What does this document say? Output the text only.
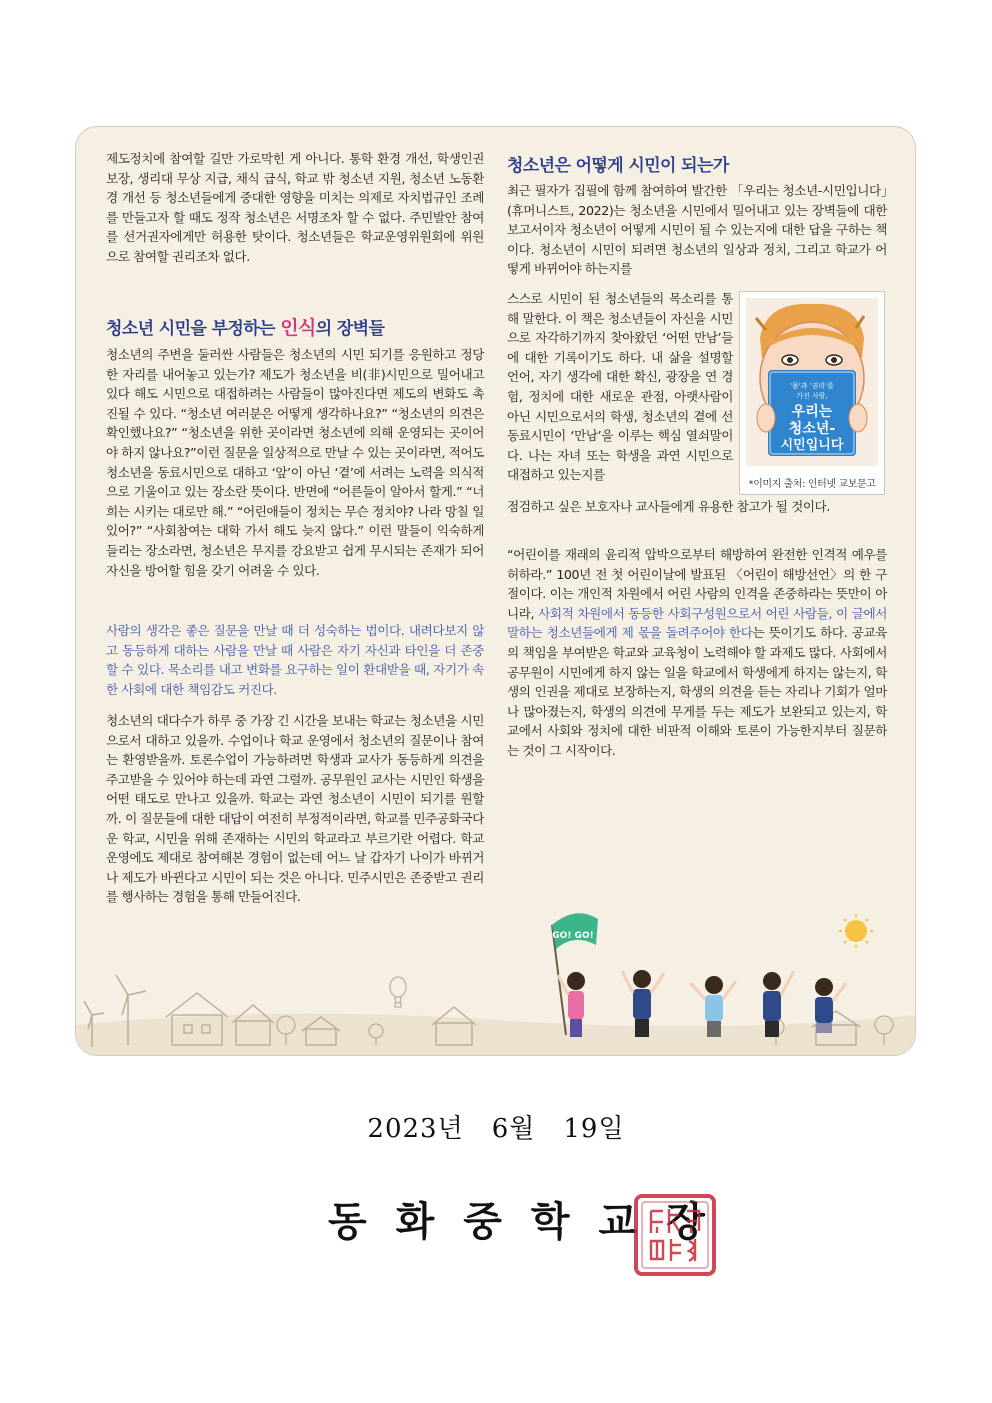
제도정치에 참여할 길만 가로막힌 게 아니다. 통학 환경 개선, 학생인권 보장, 생리대 무상 지급, 채식 급식, 학교 밖 청소년 지원, 청소년 노동환경 개선 등 청소년들에게 중대한 영향을 미치는 의제로 자치법규인 조례를 만들고자 할 때도 정작 청소년은 서명조차 할 수 없다. 주민발안 참여를 선거권자에게만 허용한 탓이다. 청소년들은 학교운영위원회에 위원으로 참여할 권리조차 없다.

청소년 시민을 부정하는 인식의 장벽들

청소년의 주변을 둘러싼 사람들은 청소년의 시민 되기를 응원하고 정당한 자리를 내어놓고 있는가? 제도가 청소년을 비(非)시민으로 밀어내고 있다 해도 시민으로 대접하려는 사람들이 많아진다면 제도의 변화도 촉진될 수 있다. “청소년 여러분은 어떻게 생각하나요?” “청소년의 의견은 확인했나요?” “청소년을 위한 곳이라면 청소년에 의해 운영되는 곳이어야 하지 않나요?”이런 질문을 일상적으로 만날 수 있는 곳이라면, 적어도 청소년을 동료시민으로 대하고 ‘앞’이 아닌 ‘곁’에 서려는 노력을 의식적으로 기울이고 있는 장소란 뜻이다. 반면에 “어른들이 알아서 할게.” “너희는 시키는 대로만 해.” “어린애들이 정치는 무슨 정치야? 나라 망칠 일 있어?” “사회참여는 대학 가서 해도 늦지 않다.” 이런 말들이 익숙하게 들리는 장소라면, 청소년은 무지를 강요받고 쉽게 무시되는 존재가 되어 자신을 방어할 힘을 갖기 어려울 수 있다.

사람의 생각은 좋은 질문을 만날 때 더 성숙하는 법이다. 내려다보지 않고 동등하게 대하는 사람을 만날 때 사람은 자기 자신과 타인을 더 존중할 수 있다. 목소리를 내고 변화를 요구하는 일이 환대받을 때, 자기가 속한 사회에 대한 책임감도 커진다.

청소년의 대다수가 하루 중 가장 긴 시간을 보내는 학교는 청소년을 시민으로서 대하고 있을까. 수업이나 학교 운영에서 청소년의 질문이나 참여는 환영받을까. 토론수업이 가능하려면 학생과 교사가 동등하게 의견을 주고받을 수 있어야 하는데 과연 그럴까. 공무원인 교사는 시민인 학생을 어떤 태도로 만나고 있을까. 학교는 과연 청소년이 시민이 되기를 원할까. 이 질문들에 대한 대답이 여전히 부정적이라면, 학교를 민주공화국다운 학교, 시민을 위해 존재하는 시민의 학교라고 부르기란 어렵다. 학교 운영에도 제대로 참여해본 경험이 없는데 어느 날 갑자기 나이가 바뀌거나 제도가 바뀐다고 시민이 되는 것은 아니다. 민주시민은 존중받고 권리를 행사하는 경험을 통해 만들어진다.

청소년은 어떻게 시민이 되는가

최근 필자가 집필에 함께 참여하여 발간한 「우리는 청소년-시민입니다」(휴머니스트, 2022)는 청소년을 시민에서 밀어내고 있는 장벽들에 대한 보고서이자 청소년이 어떻게 시민이 될 수 있는지에 대한 답을 구하는 책이다. 청소년이 시민이 되려면 청소년의 일상과 정치, 그리고 학교가 어떻게 바뀌어야 하는지를

스스로 시민이 된 청소년들의 목소리를 통해 말한다. 이 책은 청소년들이 자신을 시민으로 자각하기까지 찾아왔던 ‘어떤 만남’들에 대한 기록이기도 하다. 내 삶을 설명할 언어, 자기 생각에 대한 확신, 광장을 연 경험, 정치에 대한 새로운 관점, 아랫사람이 아닌 시민으로서의 학생, 청소년의 곁에 선 동료시민이 ‘만남’을 이루는 핵심 열쇠말이다. 나는 자녀 또는 학생을 과연 시민으로 대접하고 있는지를

점검하고 싶은 보호자나 교사들에게 유용한 참고가 될 것이다.

'몸'과 '권리'를
가진 사람,
우리는
청소년-
시민입니다
*이미지 출처: 인터넷 교보문고

“어린이를 재래의 윤리적 압박으로부터 해방하여 완전한 인격적 예우를 허하라.” 100년 전 첫 어린이날에 발표된 〈어린이 해방선언〉의 한 구절이다. 이는 개인적 차원에서 어린 사람의 인격을 존중하라는 뜻만이 아니라, 사회적 차원에서 동등한 사회구성원으로서 어린 사람들, 이 글에서 말하는 청소년들에게 제 몫을 돌려주어야 한다는 뜻이기도 하다. 공교육의 책임을 부여받은 학교와 교육청이 노력해야 할 과제도 많다. 사회에서 공무원이 시민에게 하지 않는 일을 학교에서 학생에게 하지는 않는지, 학생의 인권을 제대로 보장하는지, 학생의 의견을 듣는 자리나 기회가 얼마나 많아졌는지, 학생의 의견에 무게를 두는 제도가 보완되고 있는지, 학교에서 사회와 정치에 대한 비판적 이해와 토론이 가능한지부터 질문하는 것이 그 시작이다.

GO! GO!
2023년 6월 19일
동화중학교장
